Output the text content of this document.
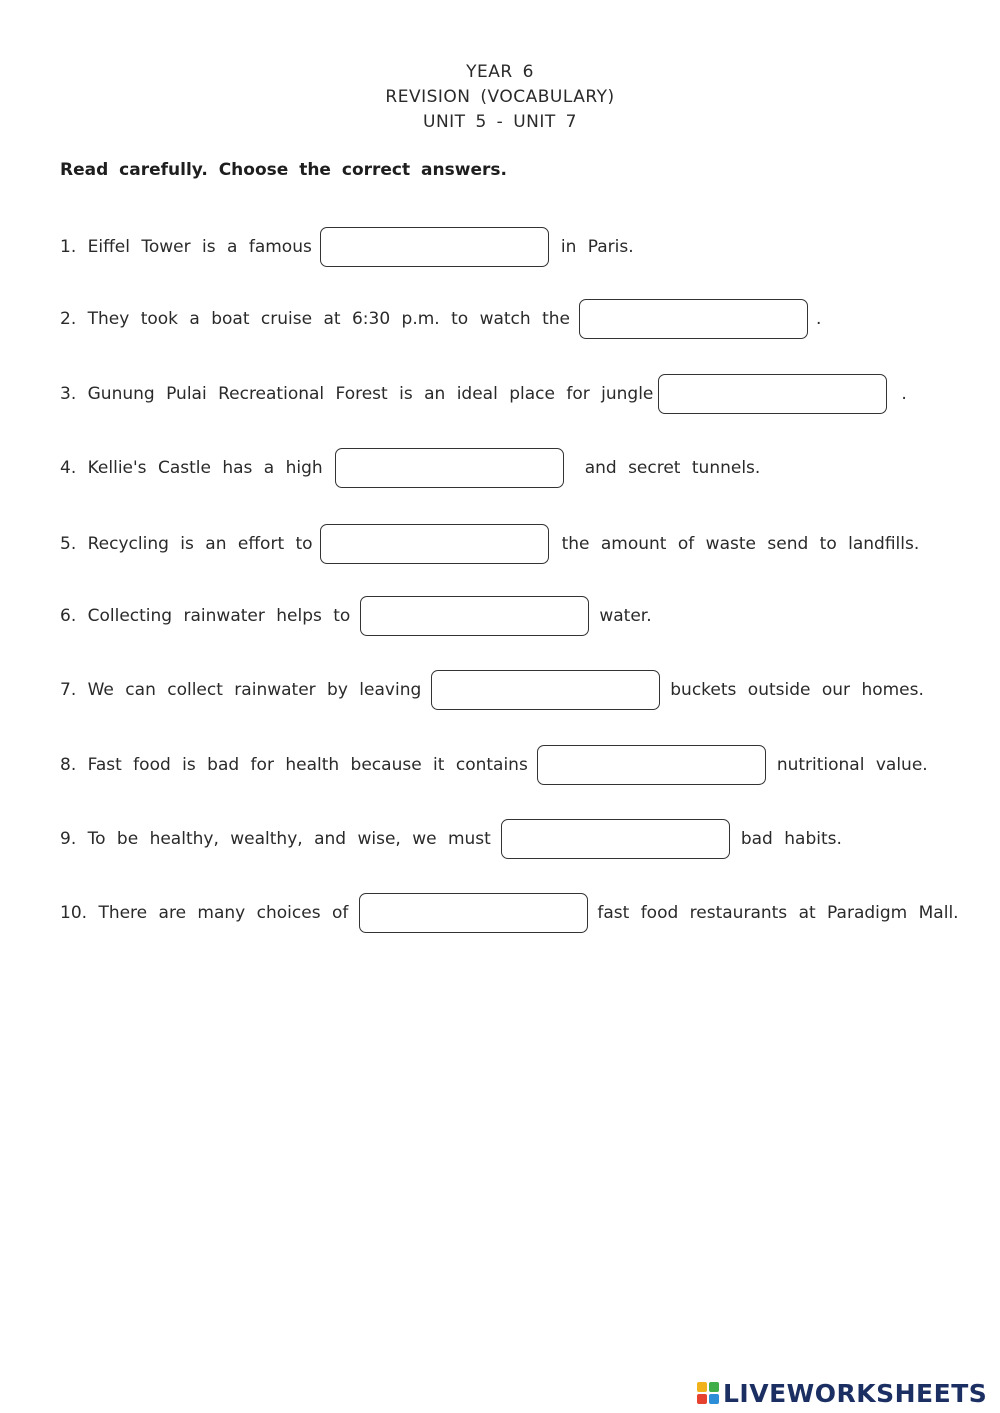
YEAR 6
REVISION (VOCABULARY)
UNIT 5 - UNIT 7
Read carefully. Choose the correct answers.
1. Eiffel Tower is a famous	in Paris.
2. They took a boat cruise at 6:30 p.m. to watch the	.
3. Gunung Pulai Recreational Forest is an ideal place for jungle	.
4. Kellie's Castle has a high	and secret tunnels.
5. Recycling is an effort to	the amount of waste send to landfills.
6. Collecting rainwater helps to	water.
7. We can collect rainwater by leaving	buckets outside our homes.
8. Fast food is bad for health because it contains	nutritional value.
9. To be healthy, wealthy, and wise, we must	bad habits.
10. There are many choices of	fast food restaurants at Paradigm Mall.
LIVEWORKSHEETS
